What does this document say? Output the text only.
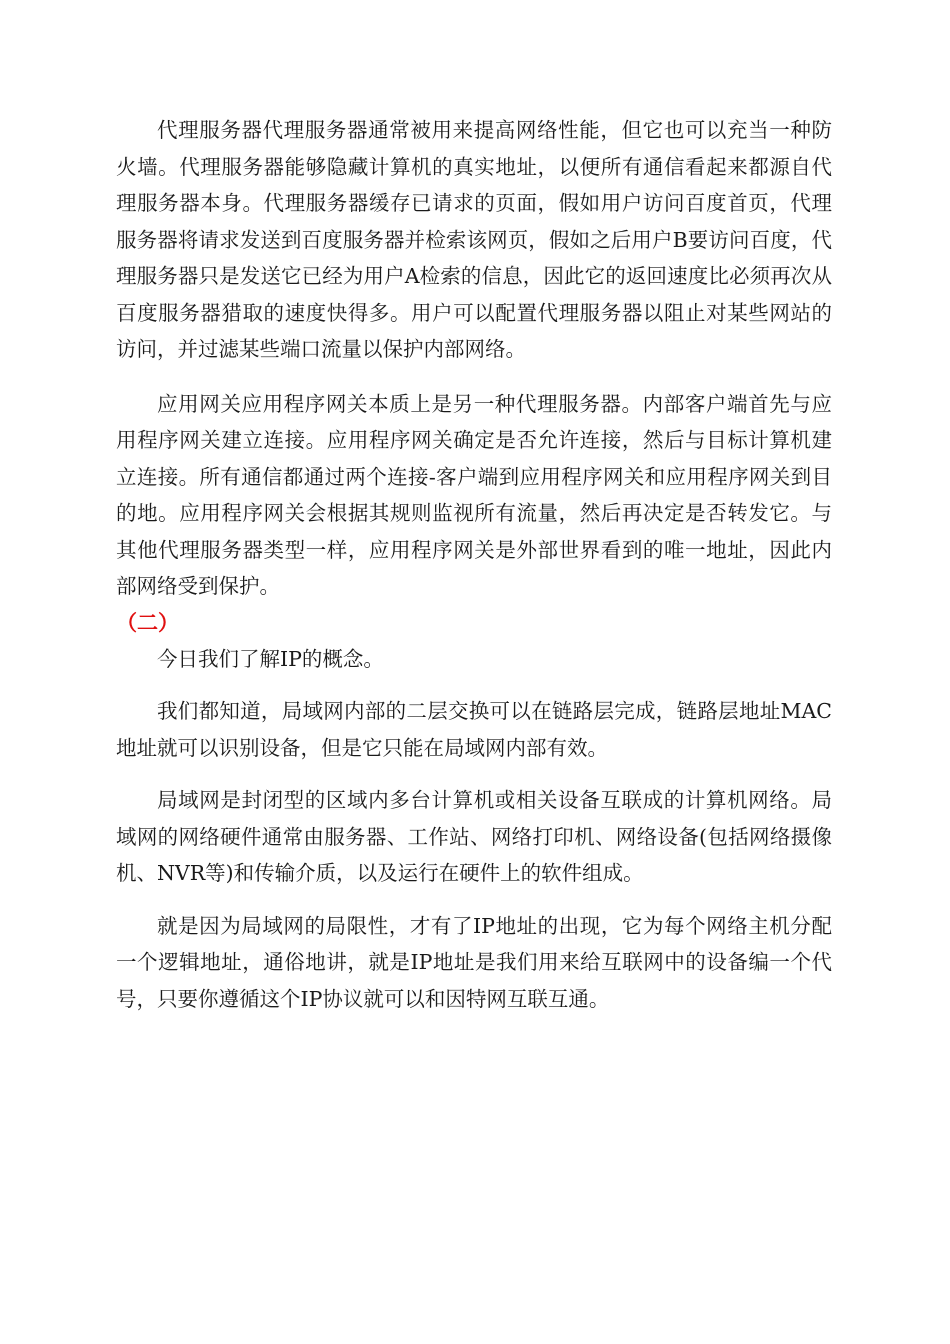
代理服务器代理服务器通常被用来提高网络性能，但它也可以充当一种防火墙。代理服务器能够隐藏计算机的真实地址，以便所有通信看起来都源自代理服务器本身。代理服务器缓存已请求的页面，假如用户访问百度首页，代理服务器将请求发送到百度服务器并检索该网页，假如之后用户B要访问百度，代理服务器只是发送它已经为用户A检索的信息，因此它的返回速度比必须再次从百度服务器猎取的速度快得多。用户可以配置代理服务器以阻止对某些网站的访问，并过滤某些端口流量以保护内部网络。

应用网关应用程序网关本质上是另一种代理服务器。内部客户端首先与应用程序网关建立连接。应用程序网关确定是否允许连接，然后与目标计算机建立连接。所有通信都通过两个连接-客户端到应用程序网关和应用程序网关到目的地。应用程序网关会根据其规则监视所有流量，然后再决定是否转发它。与其他代理服务器类型一样，应用程序网关是外部世界看到的唯一地址，因此内部网络受到保护。

（二）

今日我们了解IP的概念。

我们都知道，局域网内部的二层交换可以在链路层完成，链路层地址MAC地址就可以识别设备，但是它只能在局域网内部有效。

局域网是封闭型的区域内多台计算机或相关设备互联成的计算机网络。局域网的网络硬件通常由服务器、工作站、网络打印机、网络设备(包括网络摄像机、NVR等)和传输介质，以及运行在硬件上的软件组成。

就是因为局域网的局限性，才有了IP地址的出现，它为每个网络主机分配一个逻辑地址，通俗地讲，就是IP地址是我们用来给互联网中的设备编一个代号，只要你遵循这个IP协议就可以和因特网互联互通。
